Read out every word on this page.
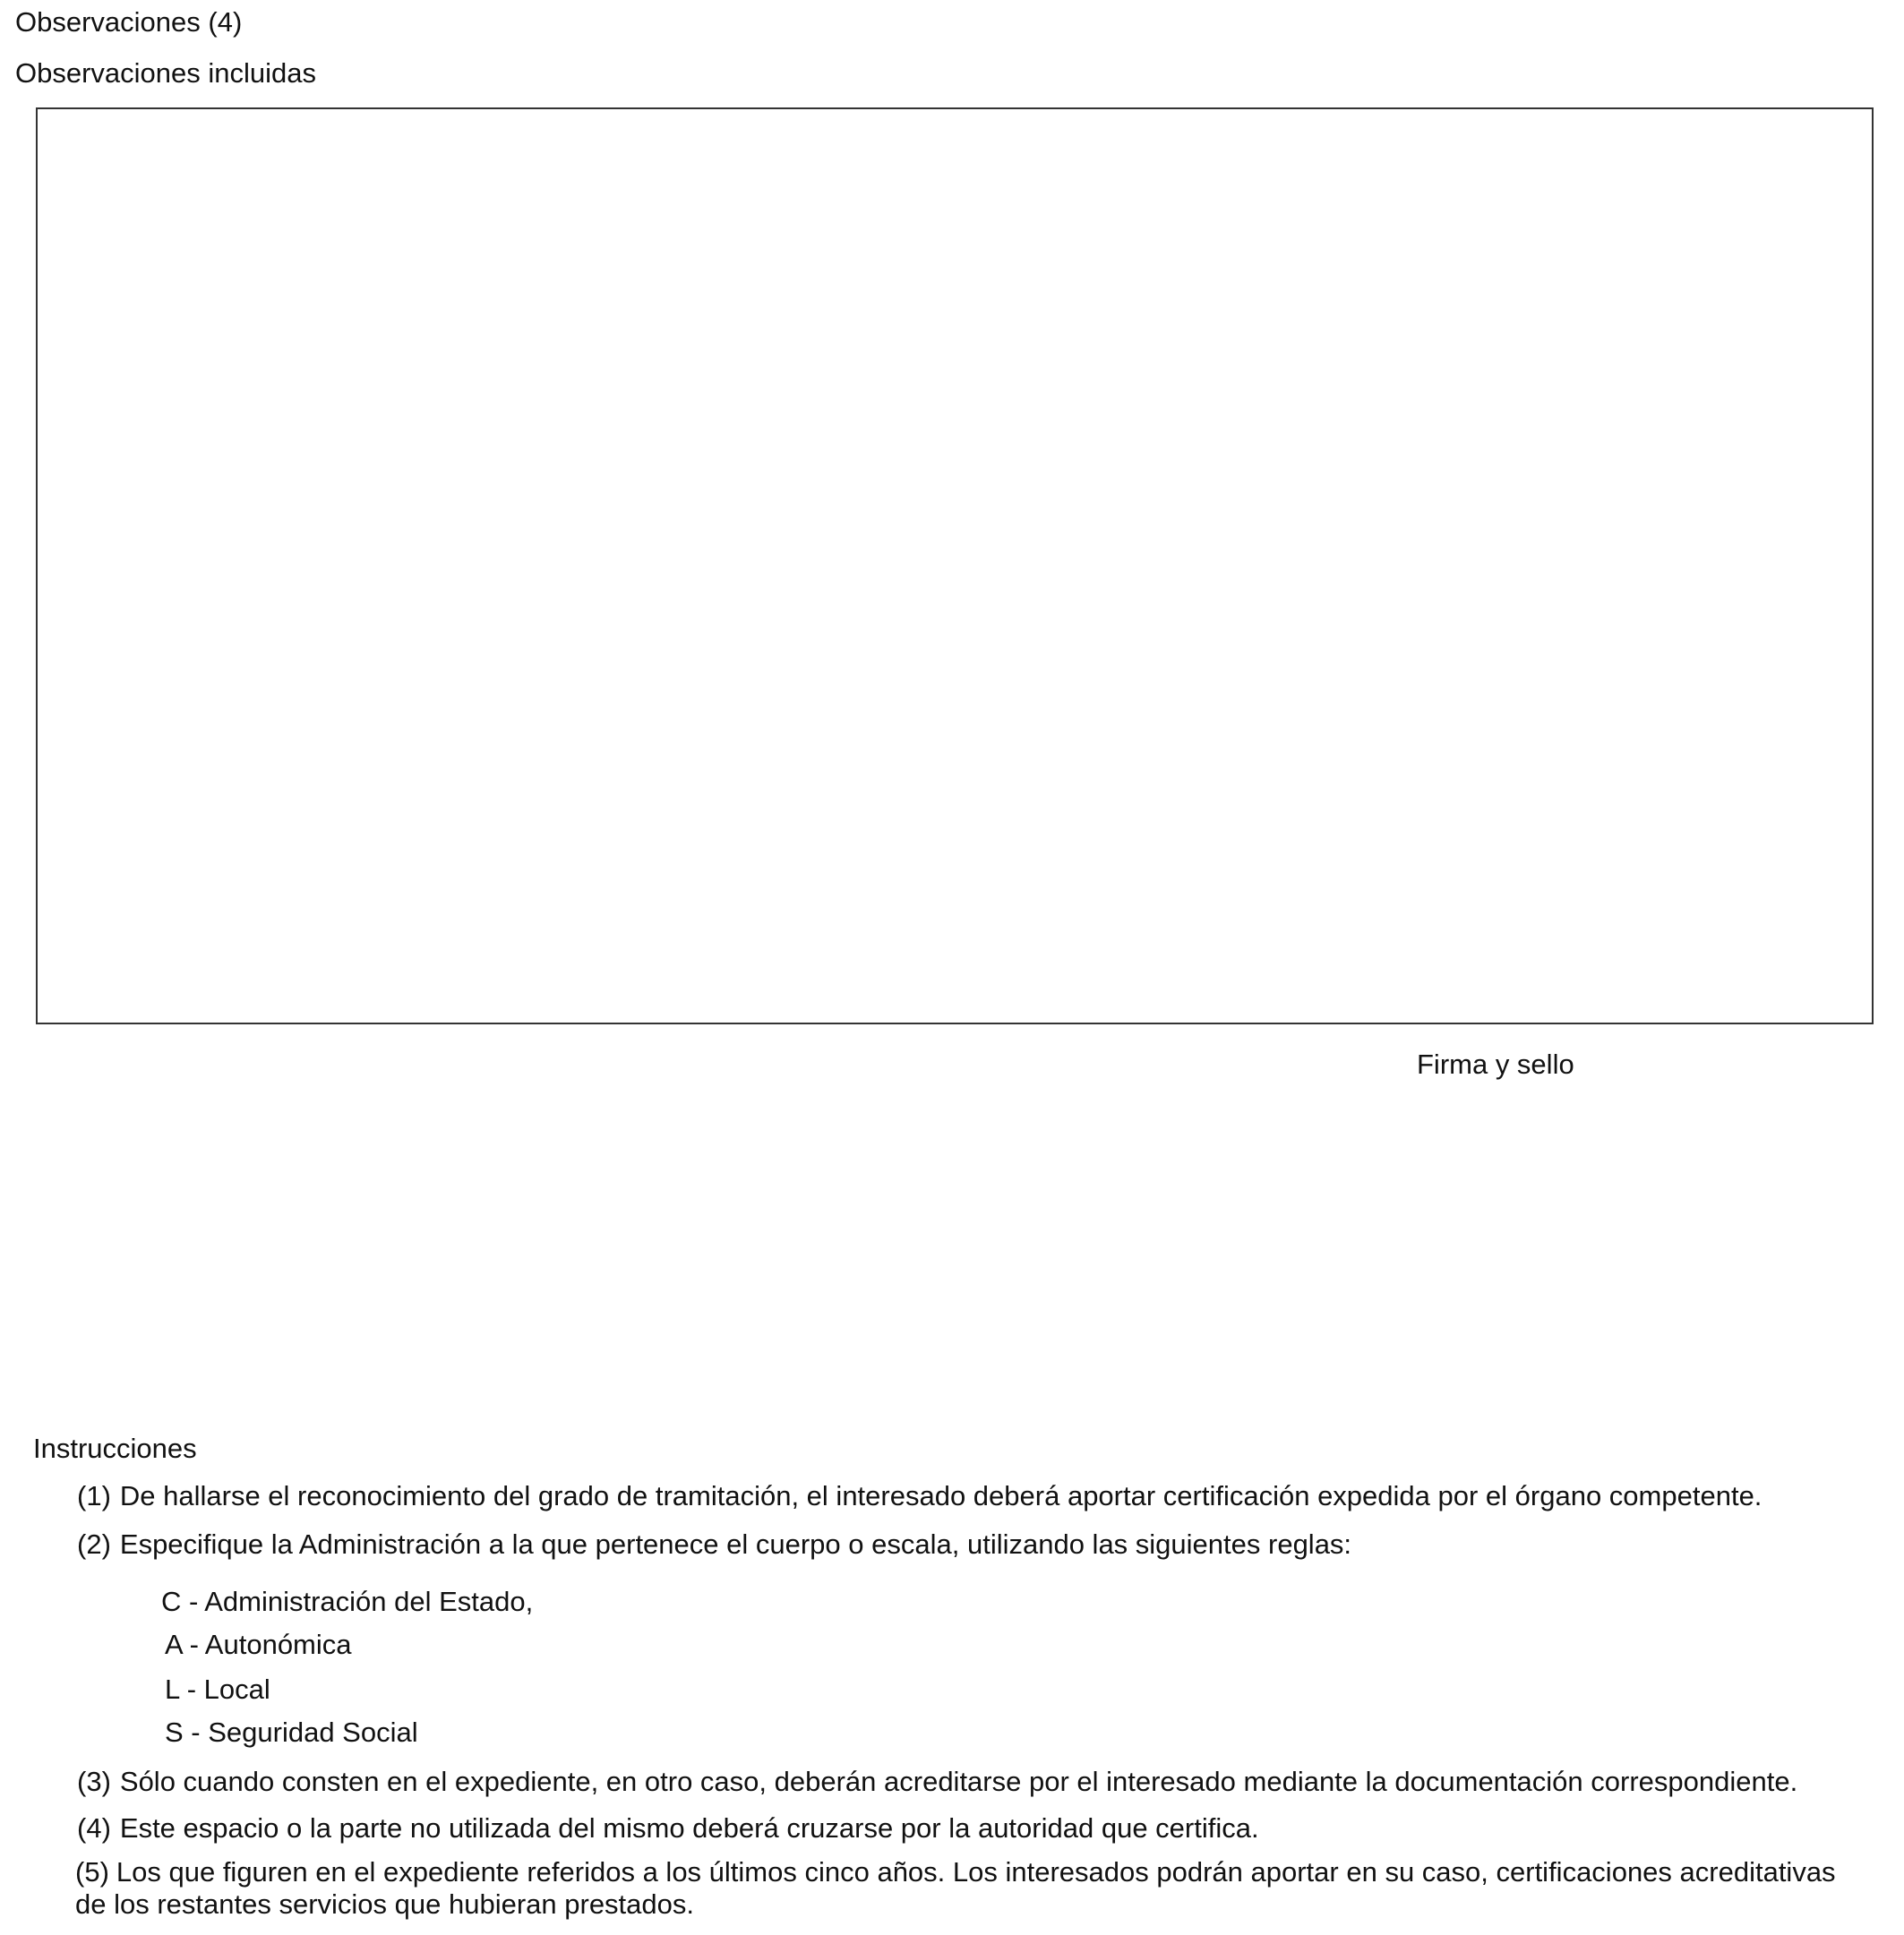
Observaciones (4)
Observaciones incluidas
Firma y sello
Instrucciones
(1) De hallarse el reconocimiento del grado de tramitación, el interesado deberá aportar certificación expedida por el órgano competente.
(2) Especifique la Administración a la que pertenece el cuerpo o escala, utilizando las siguientes reglas:
C - Administración del Estado,
A - Autonómica
L - Local
S - Seguridad Social
(3) Sólo cuando consten en el expediente, en otro caso, deberán acreditarse por el interesado mediante la documentación correspondiente.
(4) Este espacio o la parte no utilizada del mismo deberá cruzarse por la autoridad que certifica.
(5) Los que figuren en el expediente referidos a los últimos cinco años. Los interesados podrán aportar en su caso, certificaciones acreditativas de los restantes servicios que hubieran prestados.
